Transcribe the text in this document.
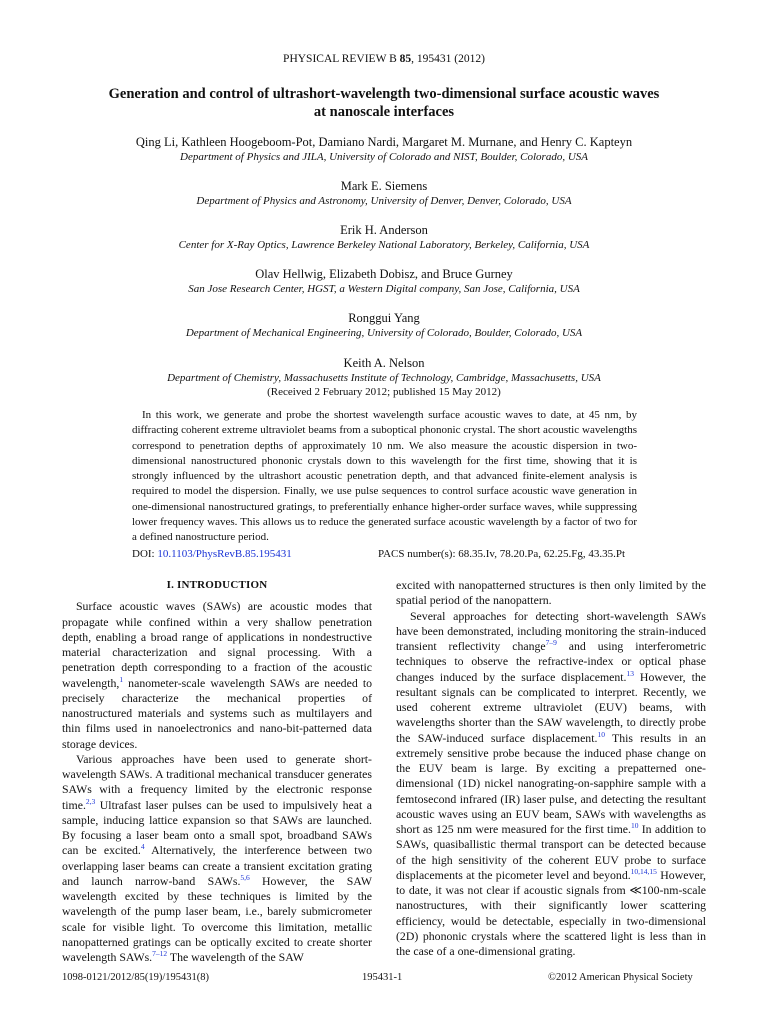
PHYSICAL REVIEW B 85, 195431 (2012)
Generation and control of ultrashort-wavelength two-dimensional surface acoustic waves
at nanoscale interfaces
Qing Li, Kathleen Hoogeboom-Pot, Damiano Nardi, Margaret M. Murnane, and Henry C. Kapteyn
Department of Physics and JILA, University of Colorado and NIST, Boulder, Colorado, USA
Mark E. Siemens
Department of Physics and Astronomy, University of Denver, Denver, Colorado, USA
Erik H. Anderson
Center for X-Ray Optics, Lawrence Berkeley National Laboratory, Berkeley, California, USA
Olav Hellwig, Elizabeth Dobisz, and Bruce Gurney
San Jose Research Center, HGST, a Western Digital company, San Jose, California, USA
Ronggui Yang
Department of Mechanical Engineering, University of Colorado, Boulder, Colorado, USA
Keith A. Nelson
Department of Chemistry, Massachusetts Institute of Technology, Cambridge, Massachusetts, USA
(Received 2 February 2012; published 15 May 2012)
In this work, we generate and probe the shortest wavelength surface acoustic waves to date, at 45 nm, by diffracting coherent extreme ultraviolet beams from a suboptical phononic crystal. The short acoustic wavelengths correspond to penetration depths of approximately 10 nm. We also measure the acoustic dispersion in two-dimensional nanostructured phononic crystals down to this wavelength for the first time, showing that it is strongly influenced by the ultrashort acoustic penetration depth, and that advanced finite-element analysis is required to model the dispersion. Finally, we use pulse sequences to control surface acoustic wave generation in one-dimensional nanostructured gratings, to preferentially enhance higher-order surface waves, while suppressing lower frequency waves. This allows us to reduce the generated surface acoustic wavelength by a factor of two for a defined nanostructure period.
DOI: 10.1103/PhysRevB.85.195431	PACS number(s): 68.35.Iv, 78.20.Pa, 62.25.Fg, 43.35.Pt
I. INTRODUCTION

Surface acoustic waves (SAWs) are acoustic modes that propagate while confined within a very shallow penetration depth, enabling a broad range of applications in nondestructive material characterization and signal processing. With a penetration depth corresponding to a fraction of the acoustic wavelength,$^1$ nanometer-scale wavelength SAWs are needed to precisely characterize the mechanical properties of nanostructured materials and systems such as multilayers and thin films used in nanoelectronics and nano-bit-patterned data storage devices.

Various approaches have been used to generate short-wavelength SAWs. A traditional mechanical transducer generates SAWs with a frequency limited by the electronic response time.$^{2,3}$ Ultrafast laser pulses can be used to impulsively heat a sample, inducing lattice expansion so that SAWs are launched. By focusing a laser beam onto a small spot, broadband SAWs can be excited.$^4$ Alternatively, the interference between two overlapping laser beams can create a transient excitation grating and launch narrow-band SAWs.$^{5,6}$ However, the SAW wavelength excited by these techniques is limited by the wavelength of the pump laser beam, i.e., barely submicrometer scale for visible light. To overcome this limitation, metallic nanopatterned gratings can be optically excited to create shorter wavelength SAWs.$^{7-12}$ The wavelength of the SAW

excited with nanopatterned structures is then only limited by the spatial period of the nanopattern.

Several approaches for detecting short-wavelength SAWs have been demonstrated, including monitoring the strain-induced transient reflectivity change$^{7-9}$ and using interferometric techniques to observe the refractive-index or optical phase changes induced by the surface displacement.$^{13}$ However, the resultant signals can be complicated to interpret. Recently, we used coherent extreme ultraviolet (EUV) beams, with wavelengths shorter than the SAW wavelength, to directly probe the SAW-induced surface displacement.$^{10}$ This results in an extremely sensitive probe because the induced phase change on the EUV beam is large. By exciting a prepatterned one-dimensional (1D) nickel nanograting-on-sapphire sample with a femtosecond infrared (IR) laser pulse, and detecting the resultant acoustic waves using an EUV beam, SAWs with wavelengths as short as 125 nm were measured for the first time.$^{10}$ In addition to SAWs, quasiballistic thermal transport can be detected because of the high sensitivity of the coherent EUV probe to surface displacements at the picometer level and beyond.$^{10,14,15}$ However, to date, it was not clear if acoustic signals from ≪100-nm-scale nanostructures, with their significantly lower scattering efficiency, would be detectable, especially in two-dimensional (2D) phononic crystals where the scattered light is less than in the case of a one-dimensional grating.

1098-0121/2012/85(19)/195431(8)	195431-1	©2012 American Physical Society
